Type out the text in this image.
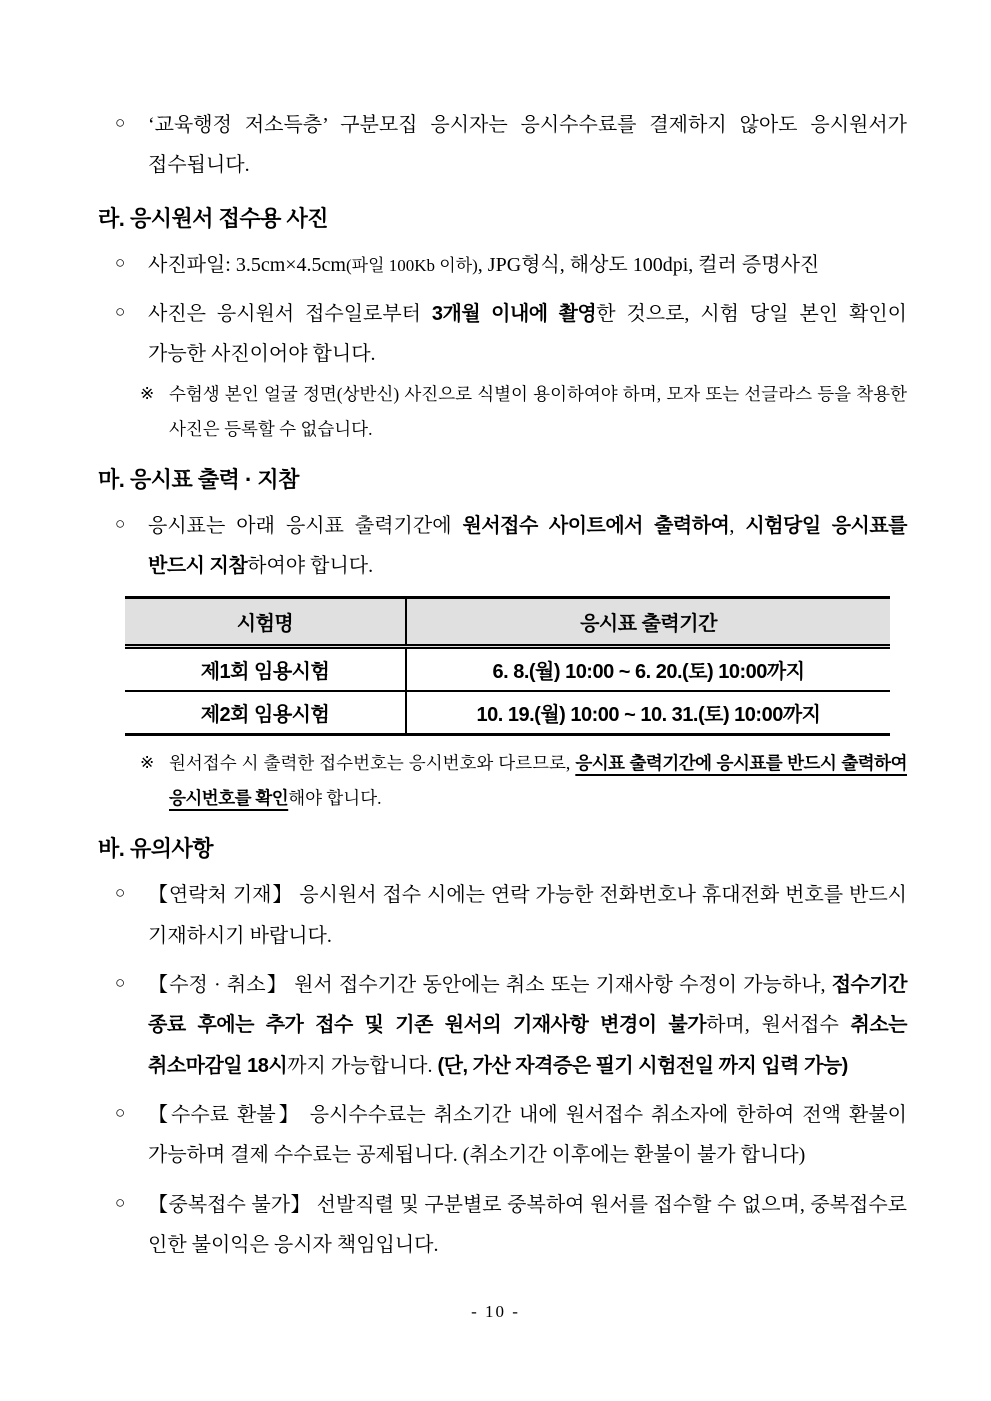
○ ‘교육행정 저소득층’ 구분모집 응시자는 응시수수료를 결제하지 않아도 응시원서가 접수됩니다.

라. 응시원서 접수용 사진

○ 사진파일: 3.5cm×4.5cm(파일 100Kb 이하), JPG형식, 해상도 100dpi, 컬러 증명사진

○ 사진은 응시원서 접수일로부터 3개월 이내에 촬영한 것으로, 시험 당일 본인 확인이 가능한 사진이어야 합니다.

※ 수험생 본인 얼굴 정면(상반신) 사진으로 식별이 용이하여야 하며, 모자 또는 선글라스 등을 착용한 사진은 등록할 수 없습니다.

마. 응시표 출력 · 지참

○ 응시표는 아래 응시표 출력기간에 원서접수 사이트에서 출력하여, 시험당일 응시표를 반드시 지참하여야 합니다.

시험명	응시표 출력기간
제1회 임용시험	6. 8.(월) 10:00 ~ 6. 20.(토) 10:00까지
제2회 임용시험	10. 19.(월) 10:00 ~ 10. 31.(토) 10:00까지

※ 원서접수 시 출력한 접수번호는 응시번호와 다르므로, 응시표 출력기간에 응시표를 반드시 출력하여 응시번호를 확인해야 합니다.

바. 유의사항

○ 【연락처 기재】 응시원서 접수 시에는 연락 가능한 전화번호나 휴대전화 번호를 반드시 기재하시기 바랍니다.

○ 【수정 · 취소】 원서 접수기간 동안에는 취소 또는 기재사항 수정이 가능하나, 접수기간 종료 후에는 추가 접수 및 기존 원서의 기재사항 변경이 불가하며, 원서접수 취소는 취소마감일 18시까지 가능합니다. (단, 가산 자격증은 필기 시험전일 까지 입력 가능)

○ 【수수료 환불】 응시수수료는 취소기간 내에 원서접수 취소자에 한하여 전액 환불이 가능하며 결제 수수료는 공제됩니다. (취소기간 이후에는 환불이 불가 합니다)

○ 【중복접수 불가】 선발직렬 및 구분별로 중복하여 원서를 접수할 수 없으며, 중복접수로 인한 불이익은 응시자 책임입니다.

- 10 -
